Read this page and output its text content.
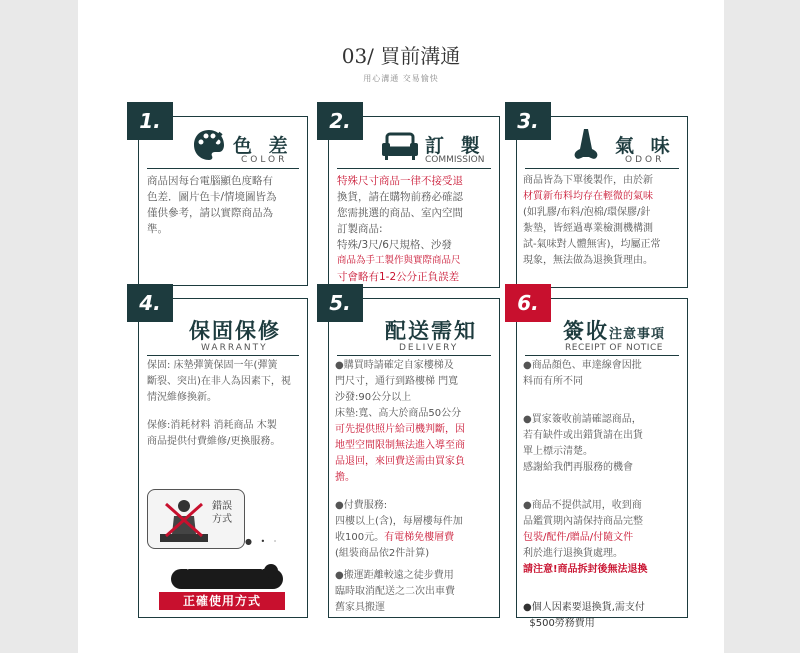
03/ 買前溝通
用心溝通 交易愉快
1.
色 差
COLOR
商品因每台電腦顯色度略有
色差．圖片色卡/情境圖皆為
僅供參考，請以實際商品為
準。
2.
訂 製
COMMISSION
特殊尺寸商品一律不接受退
換貨，請在購物前務必確認
您需挑選的商品、室內空間
訂製商品:
特殊/3尺/6尺規格、沙發
商品為手工製作與實際商品尺
寸會略有1-2公分正負誤差
3.
氣 味
ODOR
商品皆為下單後製作，由於新
材質新布料均存在輕微的氣味
(如乳膠/布料/泡棉/環保膠/針
紮墊，皆經過專業檢測機構測
試-氣味對人體無害)，均屬正常
現象，無法做為退換貨理由。
4.
保固保修
WARRANTY
保固: 床墊彈簧保固一年(彈簧
斷裂、突出)在非人為因素下，視
情況維修換新。
保修:消耗材料 消耗商品 木製
商品提供付費維修/更換服務。
錯誤
方式
● • ·
正確使用方式
5.
配送需知
DELIVERY
●購買時請確定自家樓梯及
門尺寸，通行到路樓梯 門寬
沙發:90公分以上
床墊:寬、高大於商品50公分
可先提供照片給司機判斷，因
地型空間限制無法進入導至商
品退回，來回費送需由買家負
擔。
●付費服務:
四樓以上(含)，每層樓每件加
收100元。有電梯免樓層費
(組裝商品依2件計算)
●搬運距離較遠之徒步費用
臨時取消配送之二次出車費
舊家具搬運
6.
簽收注意事項
RECEIPT OF NOTICE
●商品顏色、車達線會因批
料而有所不同
●買家簽收前請確認商品，
若有缺件或出錯貨請在出貨
單上標示清楚。
感謝給我們再服務的機會
●商品不提供試用，收到商
品鑑賞期內請保持商品完整
包裝/配件/贈品/付隨文件
利於進行退換貨處理。
請注意!商品拆封後無法退換
●個人因素要退換貨,需支付
$500勞務費用
